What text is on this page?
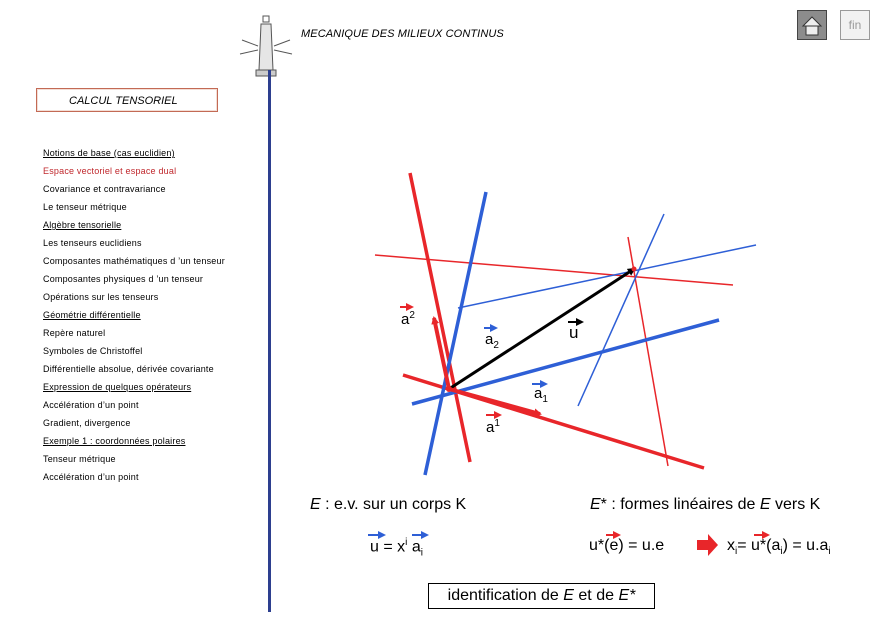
MECANIQUE DES MILIEUX CONTINUS
fin
CALCUL TENSORIEL
Notions de base (cas euclidien)
Espace vectoriel et espace dual
Covariance et contravariance
Le tenseur métrique
Algèbre tensorielle
Les tenseurs euclidiens
Composantes mathématiques d ’un tenseur
Composantes physiques d ’un tenseur
Opérations sur les tenseurs
Géométrie différentielle
Repère naturel
Symboles de Christoffel
Différentielle absolue, dérivée covariante
Expression de quelques opérateurs
Accélération d’un point
Gradient, divergence
Exemple 1 : coordonnées polaires
Tenseur métrique
Accélération d’un point
$a^2$
$a_2$
u
$a_1$
$a^1$
E : e.v. sur un corps K	E* : formes linéaires de E vers K
$u = x^i$ $a_i$	u*(e) = u.e	$x_i= u*(a_i) = u.a_i$
identification de E et de E*
